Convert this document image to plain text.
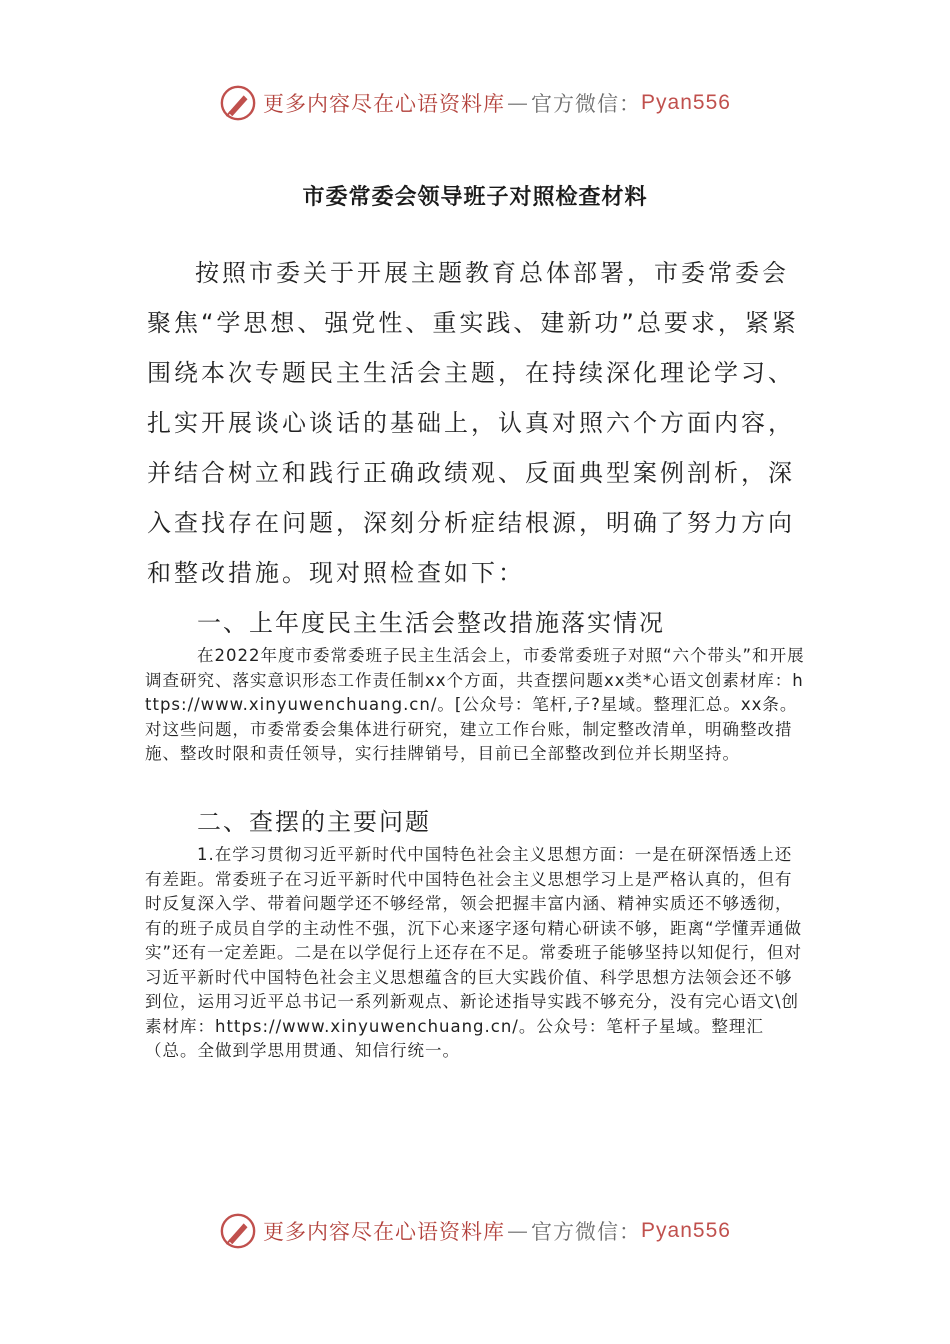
更多内容尽在心语资料库 — 官方微信： Pyan556
市委常委会领导班子对照检查材料

按照市委关于开展主题教育总体部署，市委常委会聚焦“学思想、强党性、重实践、建新功”总要求，紧紧围绕本次专题民主生活会主题，在持续深化理论学习、扎实开展谈心谈话的基础上，认真对照六个方面内容，并结合树立和践行正确政绩观、反面典型案例剖析，深入查找存在问题，深刻分析症结根源，明确了努力方向和整改措施。现对照检查如下：

一、上年度民主生活会整改措施落实情况

在2022年度市委常委班子民主生活会上，市委常委班子对照“六个带头”和开展调查研究、落实意识形态工作责任制xx个方面，共查摆问题xx类*心语文创素材库：https://www.xinyuwenchuang.cn/。[公众号：笔杆,子?星域。整理汇总。xx条。对这些问题，市委常委会集体进行研究，建立工作台账，制定整改清单，明确整改措施、整改时限和责任领导，实行挂牌销号，目前已全部整改到位并长期坚持。

二、查摆的主要问题

1.在学习贯彻习近平新时代中国特色社会主义思想方面：一是在研深悟透上还有差距。常委班子在习近平新时代中国特色社会主义思想学习上是严格认真的，但有时反复深入学、带着问题学还不够经常，领会把握丰富内涵、精神实质还不够透彻，有的班子成员自学的主动性不强，沉下心来逐字逐句精心研读不够，距离“学懂弄通做实”还有一定差距。二是在以学促行上还存在不足。常委班子能够坚持以知促行，但对习近平新时代中国特色社会主义思想蕴含的巨大实践价值、科学思想方法领会还不够到位，运用习近平总书记一系列新观点、新论述指导实践不够充分，没有完心语文\创素材库：https://www.xinyuwenchuang.cn/。公众号：笔杆子星域。整理汇（总。全做到学思用贯通、知信行统一。

更多内容尽在心语资料库 — 官方微信： Pyan556
